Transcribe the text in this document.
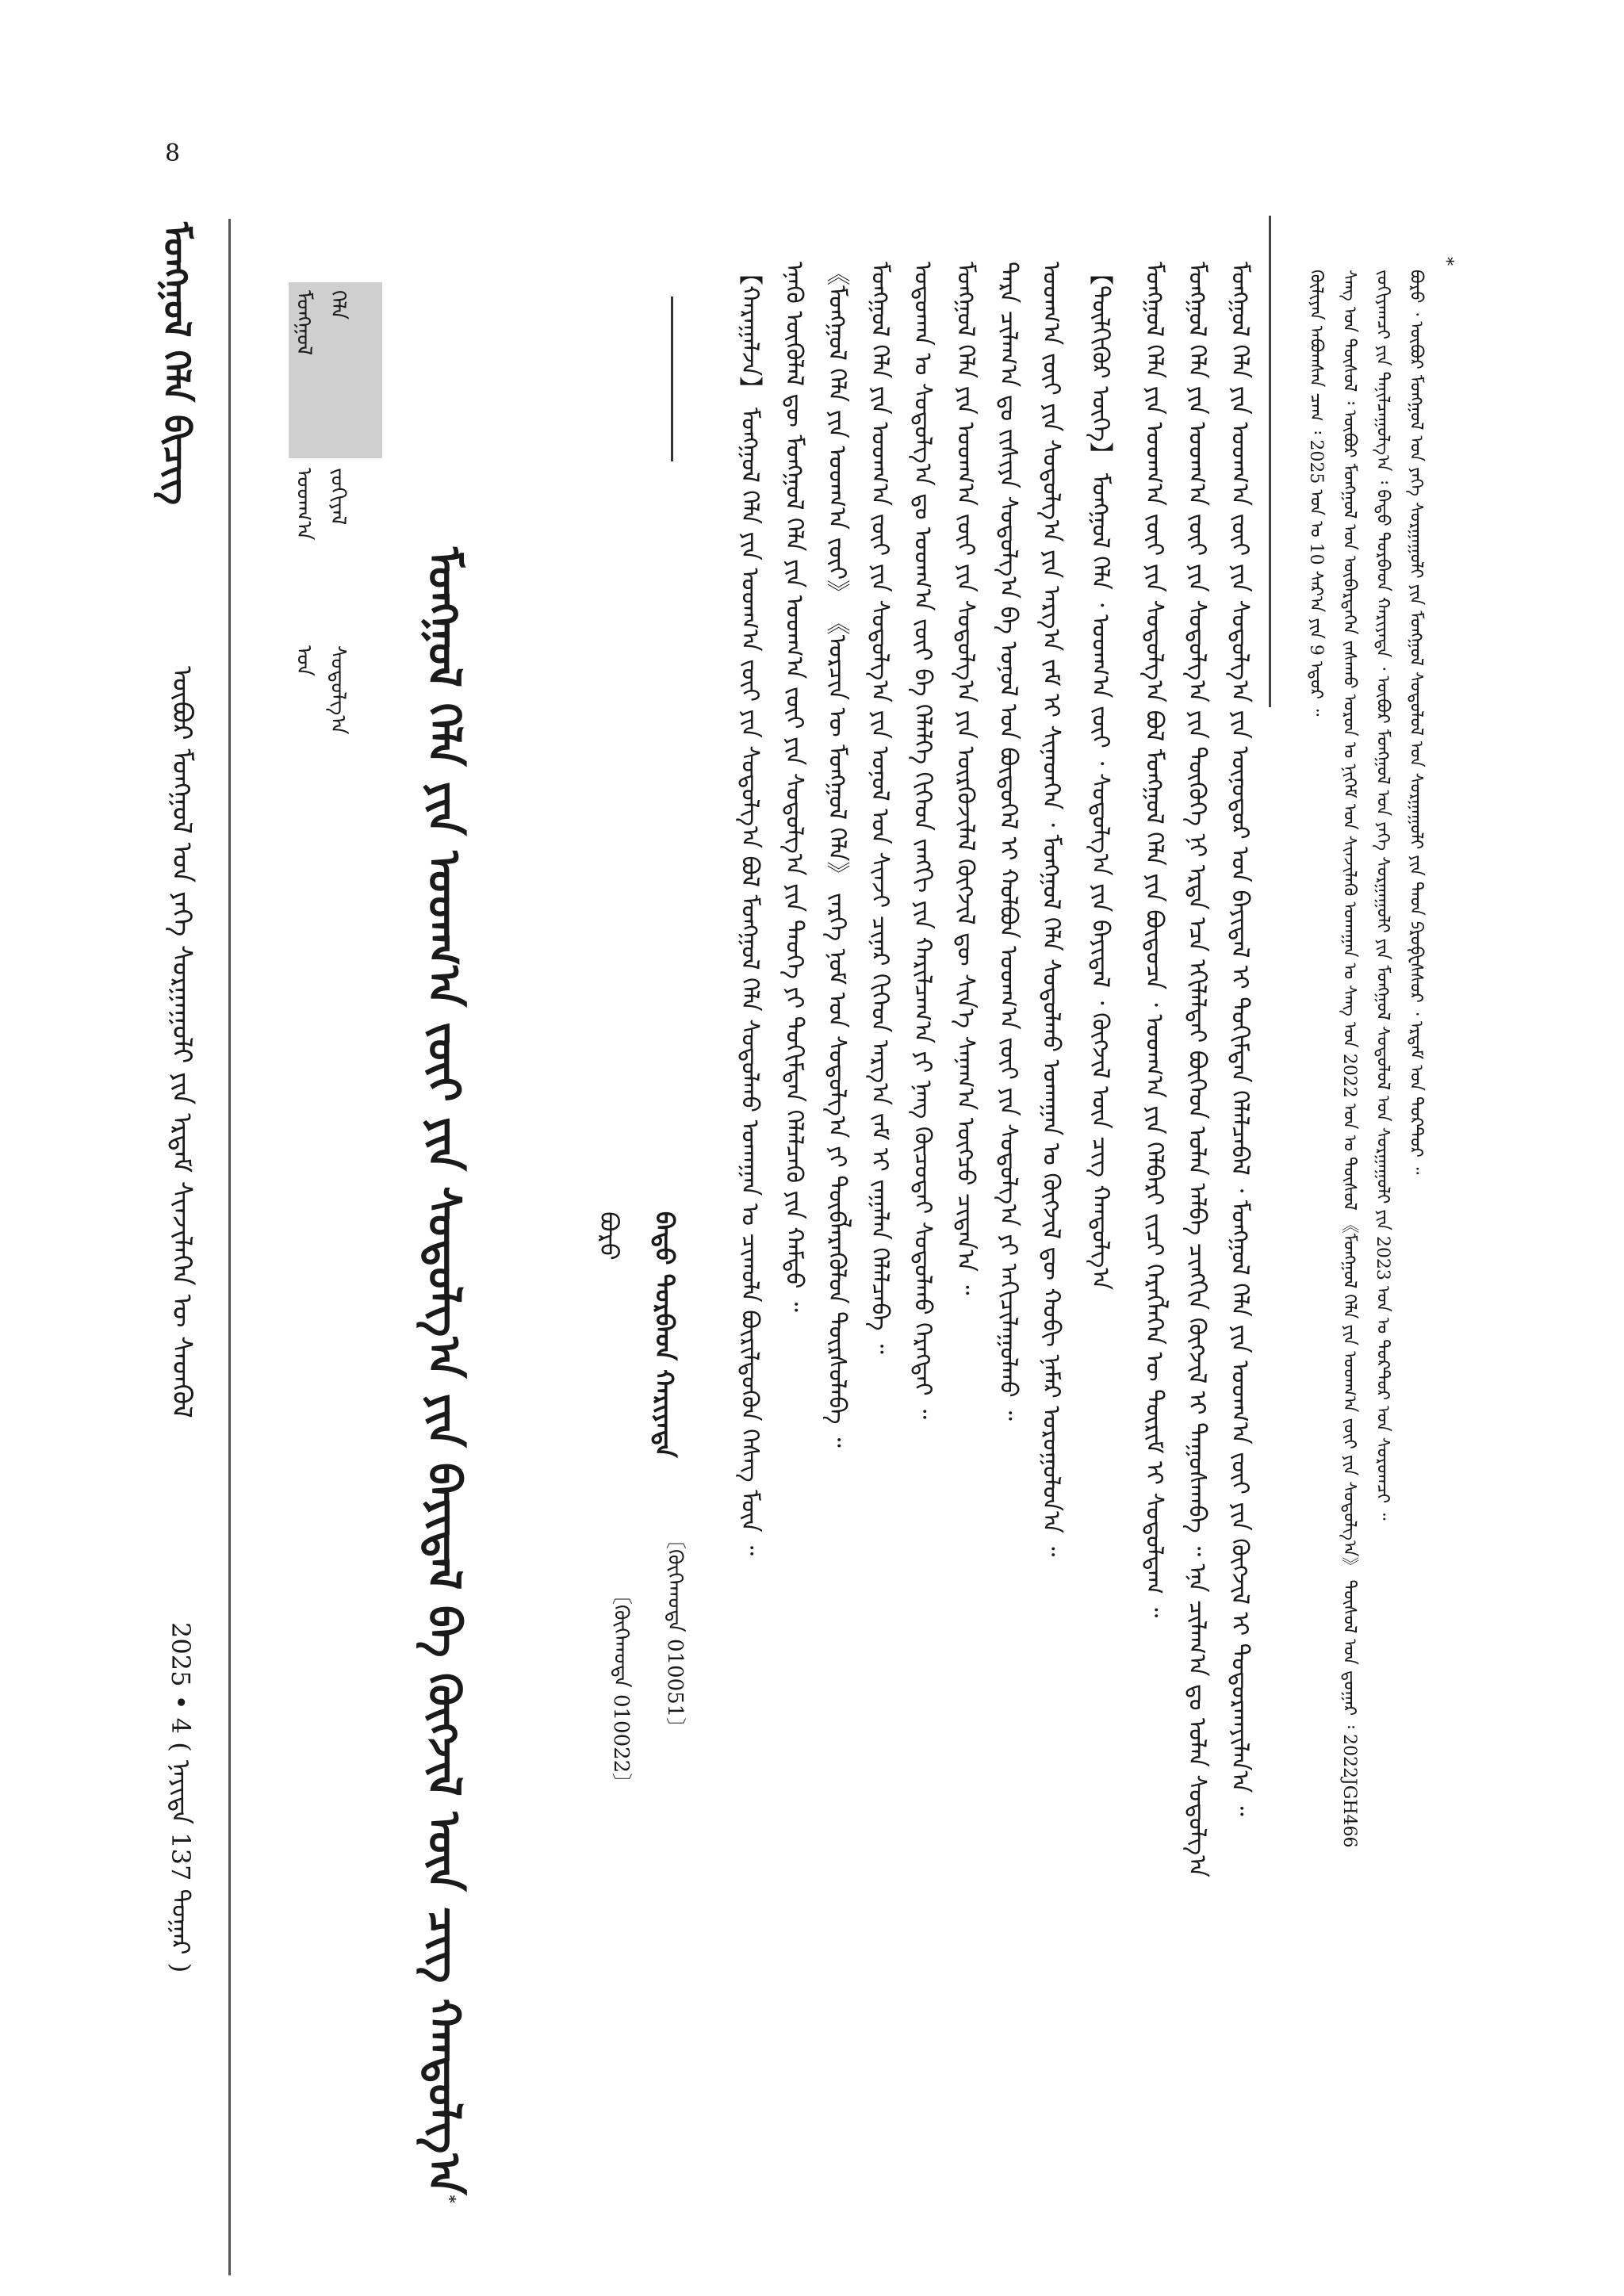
8
ᠮᠣᠩᠭᠣᠯ ᠬᠡᠯᠡ ᠪᠢᠴᠢᠭ
ᠥᠪᠥᠷ ᠮᠣᠩᠭᠣᠯ ᠤᠨ ᠶᠡᠬᠡ ᠰᠤᠷᠭᠠᠭᠤᠯᠢ ᠶᠢᠨ ᠡᠷᠳᠡᠮ ᠰᠢᠨᠵᠢᠯᠡᠭᠡᠨ ᠦ ᠰᠡᠳᠭᠦᠯ
2025 • 4 ( ᠨᠡᠶᠢᠲᠡ 137 ᠳᠤᠭᠠᠷ )
ᠮᠣᠩᠭᠣᠯ ᠬᠡᠯᠡ ᠤᠳᠬ᠎ᠠ ᠵᠣᠬᠢᠶᠠᠯ ᠤᠨ ᠰᠤᠳᠤᠯᠭ᠎ᠠ	ᠮᠣᠩᠭᠣᠯ ᠬᠡᠯᠡ ᠶᠢᠨ ᠤᠳᠬ᠎ᠠ ᠵᠦᠢ ᠶᠢᠨ ᠰᠤᠳᠤᠯᠭ᠎ᠠ ᠶᠢᠨ ᠪᠠᠶᠢᠳᠠᠯ ᠪᠠ ᠬᠥᠭᠵᠢᠯ ᠦᠨ ᠴᠢᠭ ᠬᠠᠨᠳᠤᠯᠭ᠎ᠠ*
ᠪᠣᠷᠤ ᠪᠠᠲᠤ ᠳᠤᠷᠪᠡᠳ ᠬᠠᠷᠢᠶᠠᠲᠠ
〔ᠬᠥᠬᠡᠬᠣᠲᠠ 010022〕 〔ᠬᠥᠬᠡᠬᠣᠲᠠ 010051〕
【ᠬᠠᠷᠠᠭᠠᠯᠵᠠ】 ᠮᠣᠩᠭᠣᠯ ᠬᠡᠯᠡ ᠶᠢᠨ ᠤᠳᠬ᠎ᠠ ᠵᠦᠢ ᠶᠢᠨ ᠰᠤᠳᠤᠯᠭ᠎ᠠ ᠪᠣᠯ ᠮᠣᠩᠭᠣᠯ ᠬᠡᠯᠡ ᠰᠤᠳᠤᠯᠬᠤ ᠤᠬᠠᠭᠠᠨ ᠤ ᠴᠢᠬᠤᠯᠠ ᠪᠦᠷᠢᠯᠳᠦᠬᠦᠨ ᠬᠡᠰᠡᠭ ᠮᠥᠨ ᠃ ᠡᠨᠡᠬᠦ ᠥᠭᠦᠯᠡᠯ ᠳᠦ ᠮᠣᠩᠭᠣᠯ ᠬᠡᠯᠡ ᠶᠢᠨ ᠤᠳᠬ᠎ᠠ ᠵᠦᠢ ᠶᠢᠨ ᠰᠤᠳᠤᠯᠭ᠎ᠠ ᠶᠢᠨ ᠲᠡᠦᠬᠡ ᠶᠢ ᠲᠣᠭᠢᠮᠳᠠᠨ ᠬᠡᠯᠡᠯᠴᠡᠬᠦ ᠶᠢᠨ ᠬᠠᠮᠲᠤ ᠃ 《ᠮᠣᠩᠭᠣᠯ ᠬᠡᠯᠡ ᠶᠢᠨ ᠤᠳᠬ᠎ᠠ ᠵᠦᠢ》 《ᠣᠷᠴᠢᠨ ᠦ ᠮᠣᠩᠭᠣᠯ ᠬᠡᠯᠡ》 ᠵᠡᠷᠭᠡ ᠨᠣᠮ ᠤᠨ ᠰᠤᠳᠤᠯᠭ᠎ᠠ ᠶᠢ ᠲᠥᠪᠯᠡᠷᠡᠭᠦᠯᠦᠨ ᠳᠦᠷᠰᠦᠯᠡᠪᠡ ᠃ ᠮᠣᠩᠭᠣᠯ ᠬᠡᠯᠡ ᠶᠢᠨ ᠤᠳᠬ᠎ᠠ ᠵᠦᠢ ᠶᠢᠨ ᠰᠤᠳᠤᠯᠭ᠎ᠠ ᠶᠢᠨ ᠣᠨᠣᠯ ᠤᠨ ᠰᠢᠨᠵᠢ ᠴᠢᠨᠠᠷ ᠬᠢᠭᠡᠳ ᠠᠷᠭ᠎ᠠ ᠵᠠᠮ ᠢ ᠵᠠᠭᠠᠯᠠᠨ ᠬᠡᠯᠡᠯᠴᠡᠪᠡ ᠃ ᠣᠳᠣᠬᠠᠨ ᠤ ᠰᠤᠳᠤᠯᠭ᠎ᠠ ᠳᠤ ᠤᠳᠬ᠎ᠠ ᠵᠦᠢ ᠪᠠ ᠬᠡᠯᠡᠯᠭᠡ ᠬᠢᠭᠡᠳ ᠵᠠᠩᠭᠢ ᠶᠢᠨ ᠬᠠᠷᠢᠯᠴᠠᠭ᠎ᠠ ᠶᠢ ᠨᠡᠩ ᠬᠦᠴᠦᠲᠡᠶ ᠰᠤᠳᠤᠯᠬᠤ ᠬᠡᠷᠡᠭᠲᠡᠢ ᠃ ᠮᠣᠩᠭᠣᠯ ᠬᠡᠯᠡ ᠶᠢᠨ ᠤᠳᠬ᠎ᠠ ᠵᠦᠢ ᠶᠢᠨ ᠰᠤᠳᠤᠯᠭ᠎ᠠ ᠶᠢᠨ ᠦᠷᠭᠦᠵᠢᠯᠡᠯ ᠬᠥᠭᠵᠢᠯ ᠳᠦ ᠰᠢᠨ᠎ᠡ ᠰᠠᠨᠠᠭ᠎ᠠ ᠥᠭᠴᠦ ᠴᠢᠳᠠᠨ᠎ᠠ ᠃ ᠲᠡᠷᠡ ᠴᠢᠯᠠᠭ᠎ᠠ ᠳᠤ ᠵᠢᠱᠢᠶᠡ ᠰᠤᠳᠤᠯᠭ᠎ᠠ ᠪᠠ ᠣᠨᠣᠯ ᠤᠨ ᠪᠦᠲᠦᠭᠡᠯ ᠢ ᠬᠣᠯᠪᠣᠨ ᠤᠳᠬ᠎ᠠ ᠵᠦᠢ ᠶᠢᠨ ᠰᠤᠳᠤᠯᠭ᠎ᠠ ᠶᠢ ᠠᠬᠢᠴᠢᠯᠠᠭᠤᠯᠬᠤ ᠃ ᠤᠳᠬ᠎ᠠ ᠵᠦᠢ ᠶᠢᠨ ᠰᠤᠳᠤᠯᠭ᠎ᠠ ᠶᠢᠨ ᠠᠷᠭ᠎ᠠ ᠵᠠᠮ ᠢ ᠰᠢᠨᠡᠳᠭᠡᠨ ᠂ ᠮᠣᠩᠭᠣᠯ ᠬᠡᠯᠡ ᠰᠤᠳᠤᠯᠬᠤ ᠤᠬᠠᠭᠠᠨ ᠤ ᠬᠥᠭᠵᠢᠯ ᠳᠦ ᠬᠤᠪᠢ ᠨᠡᠮᠡᠷ ᠣᠷᠣᠭᠤᠯᠤᠨ᠎ᠠ ᠃ 【ᠲᠦᠯᠬᠢᠭᠦᠷ ᠦᠭᠡ】 ᠮᠣᠩᠭᠣᠯ ᠬᠡᠯᠡ ᠂ ᠤᠳᠬ᠎ᠠ ᠵᠦᠢ ᠂ ᠰᠤᠳᠤᠯᠭ᠎ᠠ ᠶᠢᠨ ᠪᠠᠶᠢᠳᠠᠯ ᠂ ᠬᠥᠭᠵᠢᠯ ᠦᠨ ᠴᠢᠭ ᠬᠠᠨᠳᠤᠯᠭ᠎ᠠ ᠮᠣᠩᠭᠣᠯ ᠬᠡᠯᠡ ᠶᠢᠨ ᠤᠳᠬ᠎ᠠ ᠵᠦᠢ ᠶᠢᠨ ᠰᠤᠳᠤᠯᠭ᠎ᠠ ᠪᠣᠯ ᠮᠣᠩᠭᠣᠯ ᠬᠡᠯᠡ ᠶᠢᠨ ᠪᠦᠲᠦᠴᠡ ᠂ ᠤᠳᠬ᠎ᠠ ᠶᠢᠨ ᠬᠡᠯᠪᠡᠷᠢ ᠵᠢᠴᠢ ᠬᠡᠷᠡᠭᠯᠡᠭᠡᠨ ᠦ ᠳᠦᠷᠢᠮ ᠢ ᠰᠤᠳᠤᠯᠳᠠᠭ ᠃ ᠮᠣᠩᠭᠣᠯ ᠬᠡᠯᠡ ᠶᠢᠨ ᠤᠳᠬ᠎ᠠ ᠵᠦᠢ ᠶᠢᠨ ᠰᠤᠳᠤᠯᠭ᠎ᠠ ᠶᠢᠨ ᠲᠦᠭᠦᠬᠡ ᠨᠢ ᠡᠷᠲᠡ ᠡᠴᠡ ᠡᠬᠢᠯᠡᠯᠲᠡᠢ ᠪᠥᠭᠡᠳ ᠣᠯᠠᠨ ᠠᠯᠪᠠ ᠴᠢᠩᠬᠢᠨ ᠬᠥᠭᠵᠢᠯ ᠢ ᠳᠠᠭᠤᠰᠬᠠᠪᠠ ᠃ ᠡᠨᠡ ᠴᠢᠯᠠᠭ᠎ᠠ ᠳᠤ ᠣᠯᠠᠨ ᠰᠤᠳᠤᠯᠭ᠎ᠠ ᠮᠣᠩᠭᠣᠯ ᠬᠡᠯᠡ ᠶᠢᠨ ᠤᠳᠬ᠎ᠠ ᠵᠦᠢ ᠶᠢᠨ ᠰᠤᠳᠤᠯᠭ᠎ᠠ ᠶᠢᠨ ᠥᠨᠥᠳᠥᠷ ᠤᠨ ᠪᠠᠶᠢᠳᠠᠯ ᠢ ᠲᠣᠭᠢᠮᠳᠠᠨ ᠬᠡᠯᠡᠯᠴᠡᠪᠡᠯ ᠂ ᠮᠣᠩᠭᠣᠯ ᠬᠡᠯᠡ ᠶᠢᠨ ᠤᠳᠬ᠎ᠠ ᠵᠦᠢ ᠶᠢᠨ ᠬᠥᠭᠵᠢᠯ ᠢ ᠲᠣᠳᠣᠷᠬᠠᠶᠢᠯᠠᠨ᠎ᠠ ᠃	ᠬᠦᠯᠢᠶᠡᠨ ᠠᠪᠤᠭᠰᠠᠨ ᠴᠠᠭ ᠄ 2025 ᠣᠨ ᠤ 10 ᠰᠠᠷ᠎ᠠ ᠶᠢᠨ 9 ᠡᠳᠦᠷ ᠃ ᠰᠠᠩ ᠤᠨ ᠲᠥᠰᠥᠯ ᠄ ᠥᠪᠥᠷ ᠮᠣᠩᠭᠣᠯ ᠤᠨ ᠥᠪᠡᠷᠲᠡᠭᠡᠨ ᠵᠠᠰᠠᠬᠤ ᠣᠷᠣᠨ ᠤ ᠨᠢᠭᠡᠮ ᠤᠨ ᠰᠢᠨᠵᠢᠯᠡᠬᠦ ᠤᠬᠠᠭᠠᠨ ᠤ ᠰᠠᠩ ᠤᠨ 2022 ᠣᠨ ᠤ ᠲᠥᠰᠥᠯ 《ᠮᠣᠩᠭᠣᠯ ᠬᠡᠯᠡ ᠶᠢᠨ ᠤᠳᠬ᠎ᠠ ᠵᠦᠢ ᠶᠢᠨ ᠰᠤᠳᠤᠯᠭ᠎ᠠ》 ᠲᠥᠰᠥᠯ ᠤᠨ ᠳ᠋ᠤᠭᠠᠷ ᠄ 2022JGH466 ᠵᠣᠬᠢᠶᠠᠭᠴᠢ ᠶᠢᠨ ᠲᠠᠨᠢᠯᠴᠠᠭᠤᠯᠭ᠎ᠠ ᠄ ᠪᠠᠲᠤ ᠳᠤᠷᠪᠡᠳ ᠬᠠᠷᠢᠶᠠᠲᠠ ᠂ ᠥᠪᠥᠷ ᠮᠣᠩᠭᠣᠯ ᠤᠨ ᠶᠡᠬᠡ ᠰᠤᠷᠭᠠᠭᠤᠯᠢ ᠶᠢᠨ ᠮᠣᠩᠭᠣᠯ ᠰᠤᠳᠤᠯᠤᠯ ᠤᠨ ᠰᠤᠷᠭᠠᠭᠤᠯᠢ ᠶᠢᠨ 2023 ᠣᠨ ᠤ ᠳᠣᠺᠲ᠋ᠣᠷ ᠤᠨ ᠰᠤᠷᠤᠭᠴᠢ ᠃ ᠪᠣᠷᠤ ᠂ ᠥᠪᠥᠷ ᠮᠣᠩᠭᠣᠯ ᠤᠨ ᠶᠡᠬᠡ ᠰᠤᠷᠭᠠᠭᠤᠯᠢ ᠶᠢᠨ ᠮᠣᠩᠭᠣᠯ ᠰᠤᠳᠤᠯᠤᠯ ᠤᠨ ᠰᠤᠷᠭᠠᠭᠤᠯᠢ ᠶᠢᠨ ᠳᠡᠳ ᠫᠷᠣᠹᠧᠰᠰᠣᠷ ᠂ ᠡᠷᠳᠡᠮ ᠤᠨ ᠳᠣᠺᠲ᠋ᠣᠷ ᠃
*
